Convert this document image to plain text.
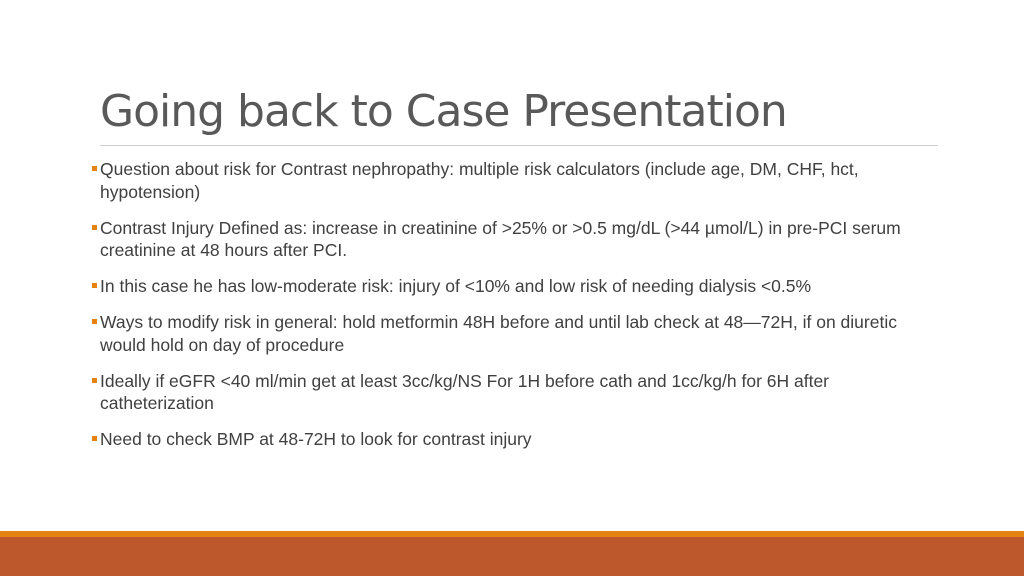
Going back to Case Presentation
Question about risk for Contrast nephropathy: multiple risk calculators (include age, DM, CHF, hct, hypotension)
Contrast Injury Defined as: increase in creatinine of >25% or >0.5 mg/dL (>44 µmol/L) in pre-PCI serum creatinine at 48 hours after PCI.
In this case he has low-moderate risk: injury of <10% and low risk of needing dialysis <0.5%
Ways to modify risk in general: hold metformin 48H before and until lab check at 48—72H, if on diuretic would hold on day of procedure
Ideally if eGFR <40 ml/min get at least 3cc/kg/NS For 1H before cath and 1cc/kg/h for 6H after catheterization
Need to check BMP at 48-72H to look for contrast injury
